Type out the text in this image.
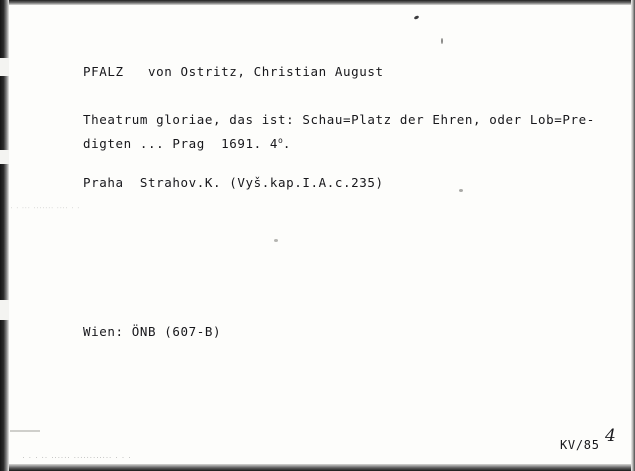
PFALZ   von Ostritz, Christian August
Theatrum gloriae, das ist: Schau=Platz der Ehren, oder Lob=Pre-
digten ... Prag  1691. 4$^o$.
Praha  Strahov.K. (Vyš.kap.I.A.c.235)
Wien: ÖNB (607-B)
KV/85 4
· · · ·· ······ ············ · · ·
· · ··· ······· ···· · ·
